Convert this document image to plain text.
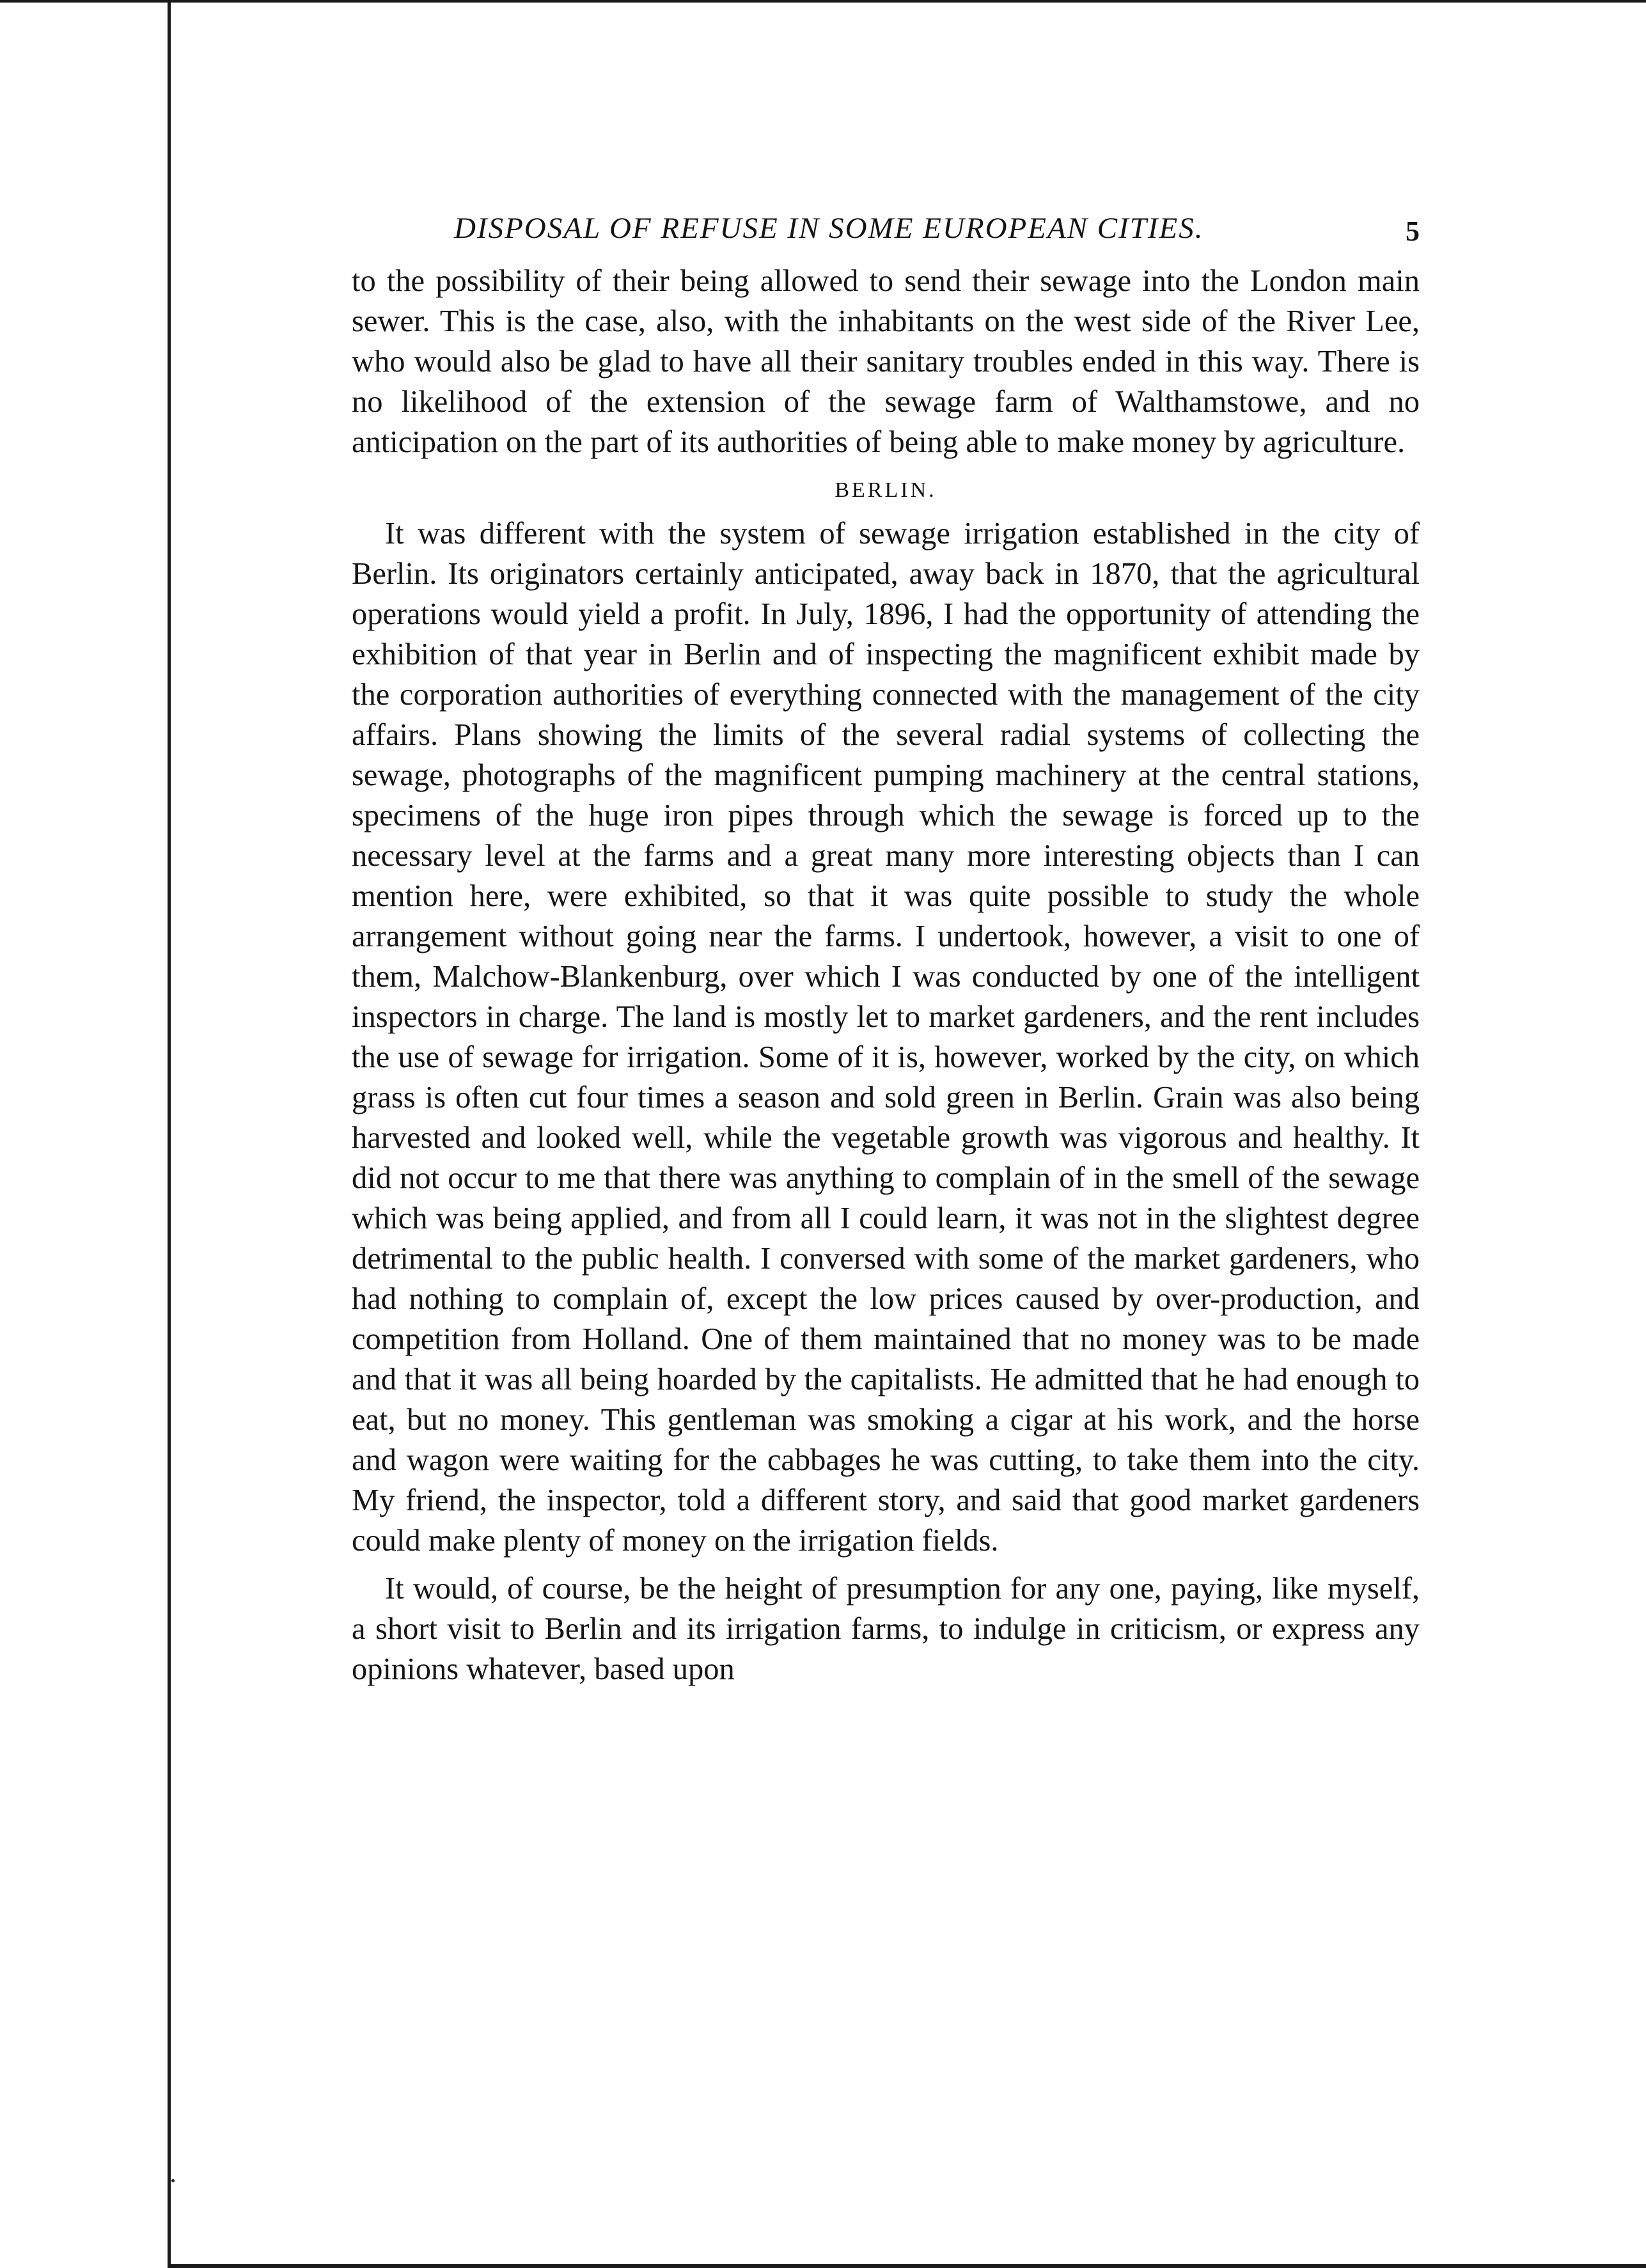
DISPOSAL OF REFUSE IN SOME EUROPEAN CITIES.	5

to the possibility of their being allowed to send their sewage into the London main sewer. This is the case, also, with the inhabitants on the west side of the River Lee, who would also be glad to have all their sanitary troubles ended in this way. There is no likelihood of the extension of the sewage farm of Walthamstowe, and no anticipation on the part of its authorities of being able to make money by agriculture.

BERLIN.

It was different with the system of sewage irrigation established in the city of Berlin. Its originators certainly anticipated, away back in 1870, that the agricultural operations would yield a profit. In July, 1896, I had the opportunity of attending the exhibition of that year in Berlin and of inspecting the magnificent exhibit made by the corporation authorities of everything connected with the management of the city affairs. Plans showing the limits of the several radial systems of collecting the sewage, photographs of the magnificent pumping machinery at the central stations, specimens of the huge iron pipes through which the sewage is forced up to the necessary level at the farms and a great many more interesting objects than I can mention here, were exhibited, so that it was quite possible to study the whole arrangement without going near the farms. I undertook, however, a visit to one of them, Malchow-Blankenburg, over which I was conducted by one of the intelligent inspectors in charge. The land is mostly let to market gardeners, and the rent includes the use of sewage for irrigation. Some of it is, however, worked by the city, on which grass is often cut four times a season and sold green in Berlin. Grain was also being harvested and looked well, while the vegetable growth was vigorous and healthy. It did not occur to me that there was anything to complain of in the smell of the sewage which was being applied, and from all I could learn, it was not in the slightest degree detrimental to the public health. I conversed with some of the market gardeners, who had nothing to complain of, except the low prices caused by over-production, and competition from Holland. One of them maintained that no money was to be made and that it was all being hoarded by the capitalists. He admitted that he had enough to eat, but no money. This gentleman was smoking a cigar at his work, and the horse and wagon were waiting for the cabbages he was cutting, to take them into the city. My friend, the inspector, told a different story, and said that good market gardeners could make plenty of money on the irrigation fields.

It would, of course, be the height of presumption for any one, paying, like myself, a short visit to Berlin and its irrigation farms, to indulge in criticism, or express any opinions whatever, based upon
